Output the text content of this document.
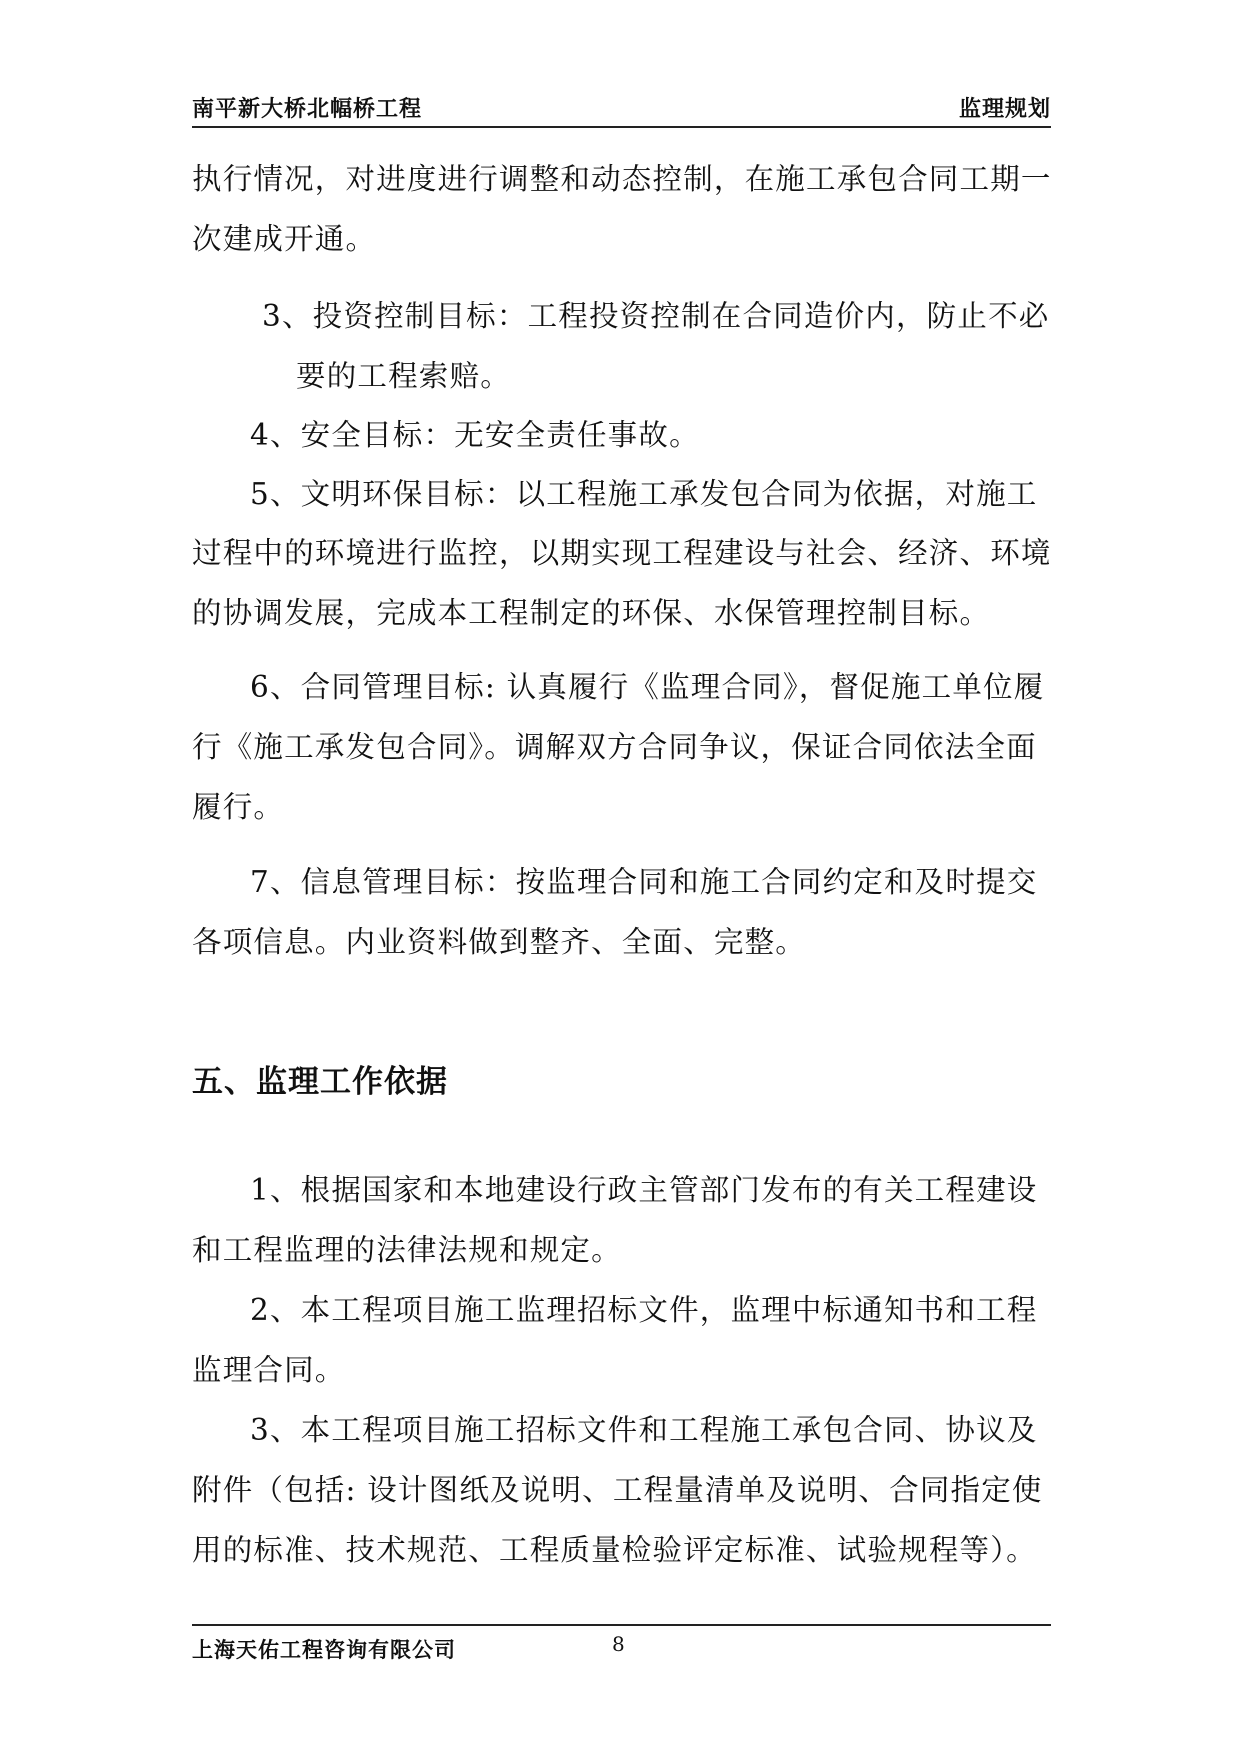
南平新大桥北幅桥工程	监理规划
执行情况，对进度进行调整和动态控制，在施工承包合同工期一
次建成开通。
3、投资控制目标：工程投资控制在合同造价内，防止不必
要的工程索赔。
4、安全目标：无安全责任事故。
5、文明环保目标：以工程施工承发包合同为依据，对施工
过程中的环境进行监控，以期实现工程建设与社会、经济、环境
的协调发展，完成本工程制定的环保、水保管理控制目标。
6、合同管理目标: 认真履行《监理合同》，督促施工单位履
行《施工承发包合同》。调解双方合同争议，保证合同依法全面
履行。
7、信息管理目标：按监理合同和施工合同约定和及时提交
各项信息。内业资料做到整齐、全面、完整。
五、监理工作依据
1、根据国家和本地建设行政主管部门发布的有关工程建设
和工程监理的法律法规和规定。
2、本工程项目施工监理招标文件，监理中标通知书和工程
监理合同。
3、本工程项目施工招标文件和工程施工承包合同、协议及
附件（包括: 设计图纸及说明、工程量清单及说明、合同指定使
用的标准、技术规范、工程质量检验评定标准、试验规程等）。
上海天佑工程咨询有限公司	8
